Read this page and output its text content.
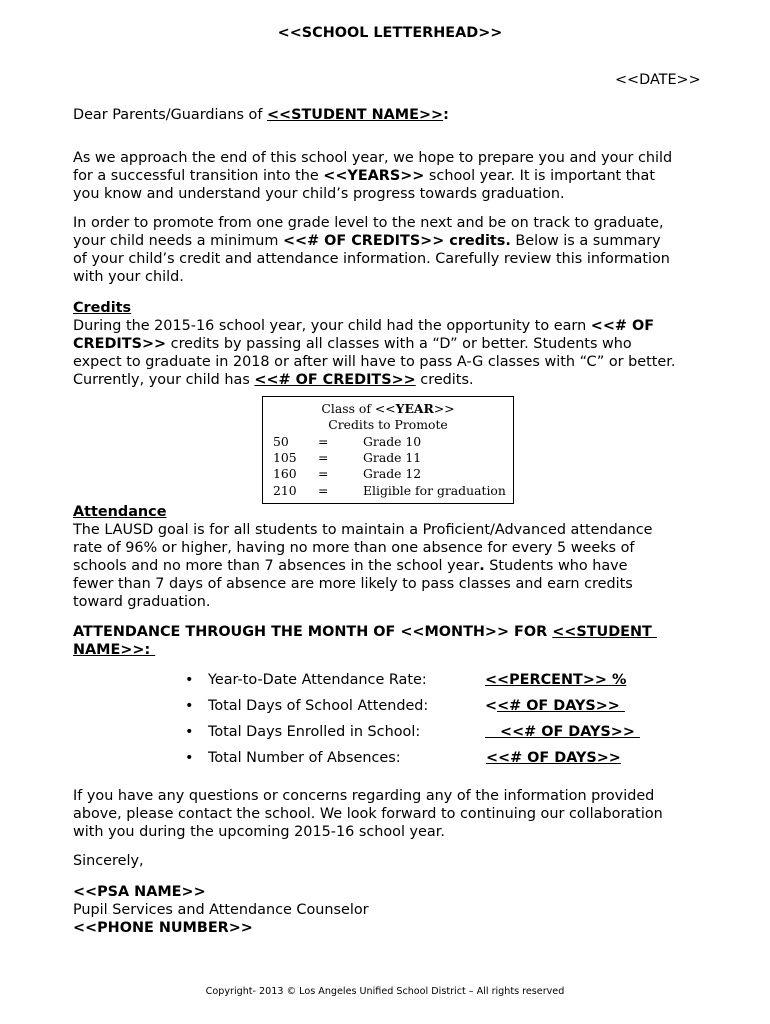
<<SCHOOL LETTERHEAD>>
<<DATE>>
Dear Parents/Guardians of <<STUDENT NAME>>:

As we approach the end of this school year, we hope to prepare you and your child

for a successful transition into the <<YEARS>> school year. It is important that

you know and understand your child’s progress towards graduation.

In order to promote from one grade level to the next and be on track to graduate,

your child needs a minimum <<# OF CREDITS>> credits. Below is a summary

of your child’s credit and attendance information. Carefully review this information

with your child.

Credits

During the 2015-16 school year, your child had the opportunity to earn <<# OF

CREDITS>> credits by passing all classes with a “D” or better. Students who

expect to graduate in 2018 or after will have to pass A-G classes with “C” or better.

Currently, your child has <<# OF CREDITS>> credits.

Class of <<YEAR>>
Credits to Promote
50 =	Grade 10
105 =	Grade 11
160 =	Grade 12
210 =	Eligible for graduation

Attendance

The LAUSD goal is for all students to maintain a Proficient/Advanced attendance

rate of 96% or higher, having no more than one absence for every 5 weeks of

schools and no more than 7 absences in the school year. Students who have

fewer than 7 days of absence are more likely to pass classes and earn credits

toward graduation.

ATTENDANCE THROUGH THE MONTH OF <<MONTH>> FOR <<STUDENT

NAME>>:

• Year-to-Date Attendance Rate:	<<PERCENT>> %
• Total Days of School Attended:	<<# OF DAYS>>
• Total Days Enrolled in School:	<<# OF DAYS>>
• Total Number of Absences:	<<# OF DAYS>>

If you have any questions or concerns regarding any of the information provided

above, please contact the school. We look forward to continuing our collaboration

with you during the upcoming 2015-16 school year.

Sincerely,

<<PSA NAME>>

Pupil Services and Attendance Counselor

<<PHONE NUMBER>>

Copyright- 2013 © Los Angeles Unified School District – All rights reserved
